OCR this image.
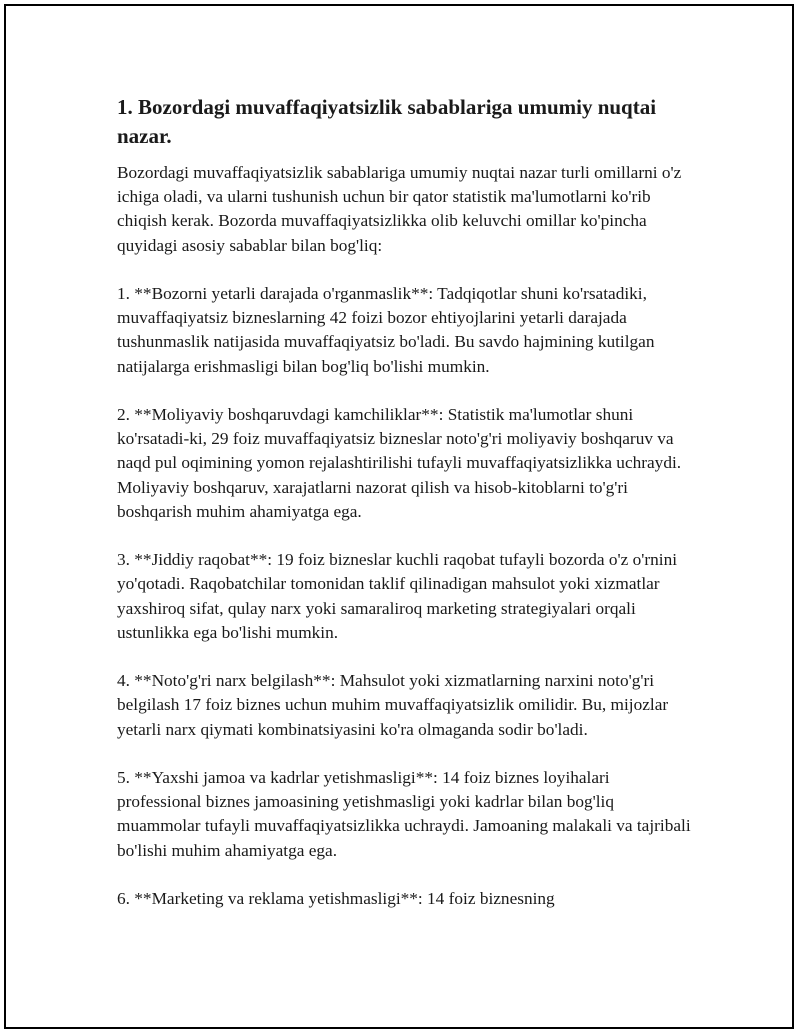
1. Bozordagi muvaffaqiyatsizlik sabablariga umumiy nuqtai nazar.

Bozordagi muvaffaqiyatsizlik sabablariga umumiy nuqtai nazar turli omillarni o'z ichiga oladi, va ularni tushunish uchun bir qator statistik ma'lumotlarni ko'rib chiqish kerak. Bozorda muvaffaqiyatsizlikka olib keluvchi omillar ko'pincha quyidagi asosiy sabablar bilan bog'liq:

1. **Bozorni yetarli darajada o'rganmaslik**: Tadqiqotlar shuni ko'rsatadiki, muvaffaqiyatsiz bizneslarning 42 foizi bozor ehtiyojlarini yetarli darajada tushunmaslik natijasida muvaffaqiyatsiz bo'ladi. Bu savdo hajmining kutilgan natijalarga erishmasligi bilan bog'liq bo'lishi mumkin.

2. **Moliyaviy boshqaruvdagi kamchiliklar**: Statistik ma'lumotlar shuni ko'rsatadi-ki, 29 foiz muvaffaqiyatsiz bizneslar noto'g'ri moliyaviy boshqaruv va naqd pul oqimining yomon rejalashtirilishi tufayli muvaffaqiyatsizlikka uchraydi. Moliyaviy boshqaruv, xarajatlarni nazorat qilish va hisob-kitoblarni to'g'ri boshqarish muhim ahamiyatga ega.

3. **Jiddiy raqobat**: 19 foiz bizneslar kuchli raqobat tufayli bozorda o'z o'rnini yo'qotadi. Raqobatchilar tomonidan taklif qilinadigan mahsulot yoki xizmatlar yaxshiroq sifat, qulay narx yoki samaraliroq marketing strategiyalari orqali ustunlikka ega bo'lishi mumkin.

4. **Noto'g'ri narx belgilash**: Mahsulot yoki xizmatlarning narxini noto'g'ri belgilash 17 foiz biznes uchun muhim muvaffaqiyatsizlik omilidir. Bu, mijozlar yetarli narx qiymati kombinatsiyasini ko'ra olmaganda sodir bo'ladi.

5. **Yaxshi jamoa va kadrlar yetishmasligi**: 14 foiz biznes loyihalari professional biznes jamoasining yetishmasligi yoki kadrlar bilan bog'liq muammolar tufayli muvaffaqiyatsizlikka uchraydi. Jamoaning malakali va tajribali bo'lishi muhim ahamiyatga ega.

6. **Marketing va reklama yetishmasligi**: 14 foiz biznesning
